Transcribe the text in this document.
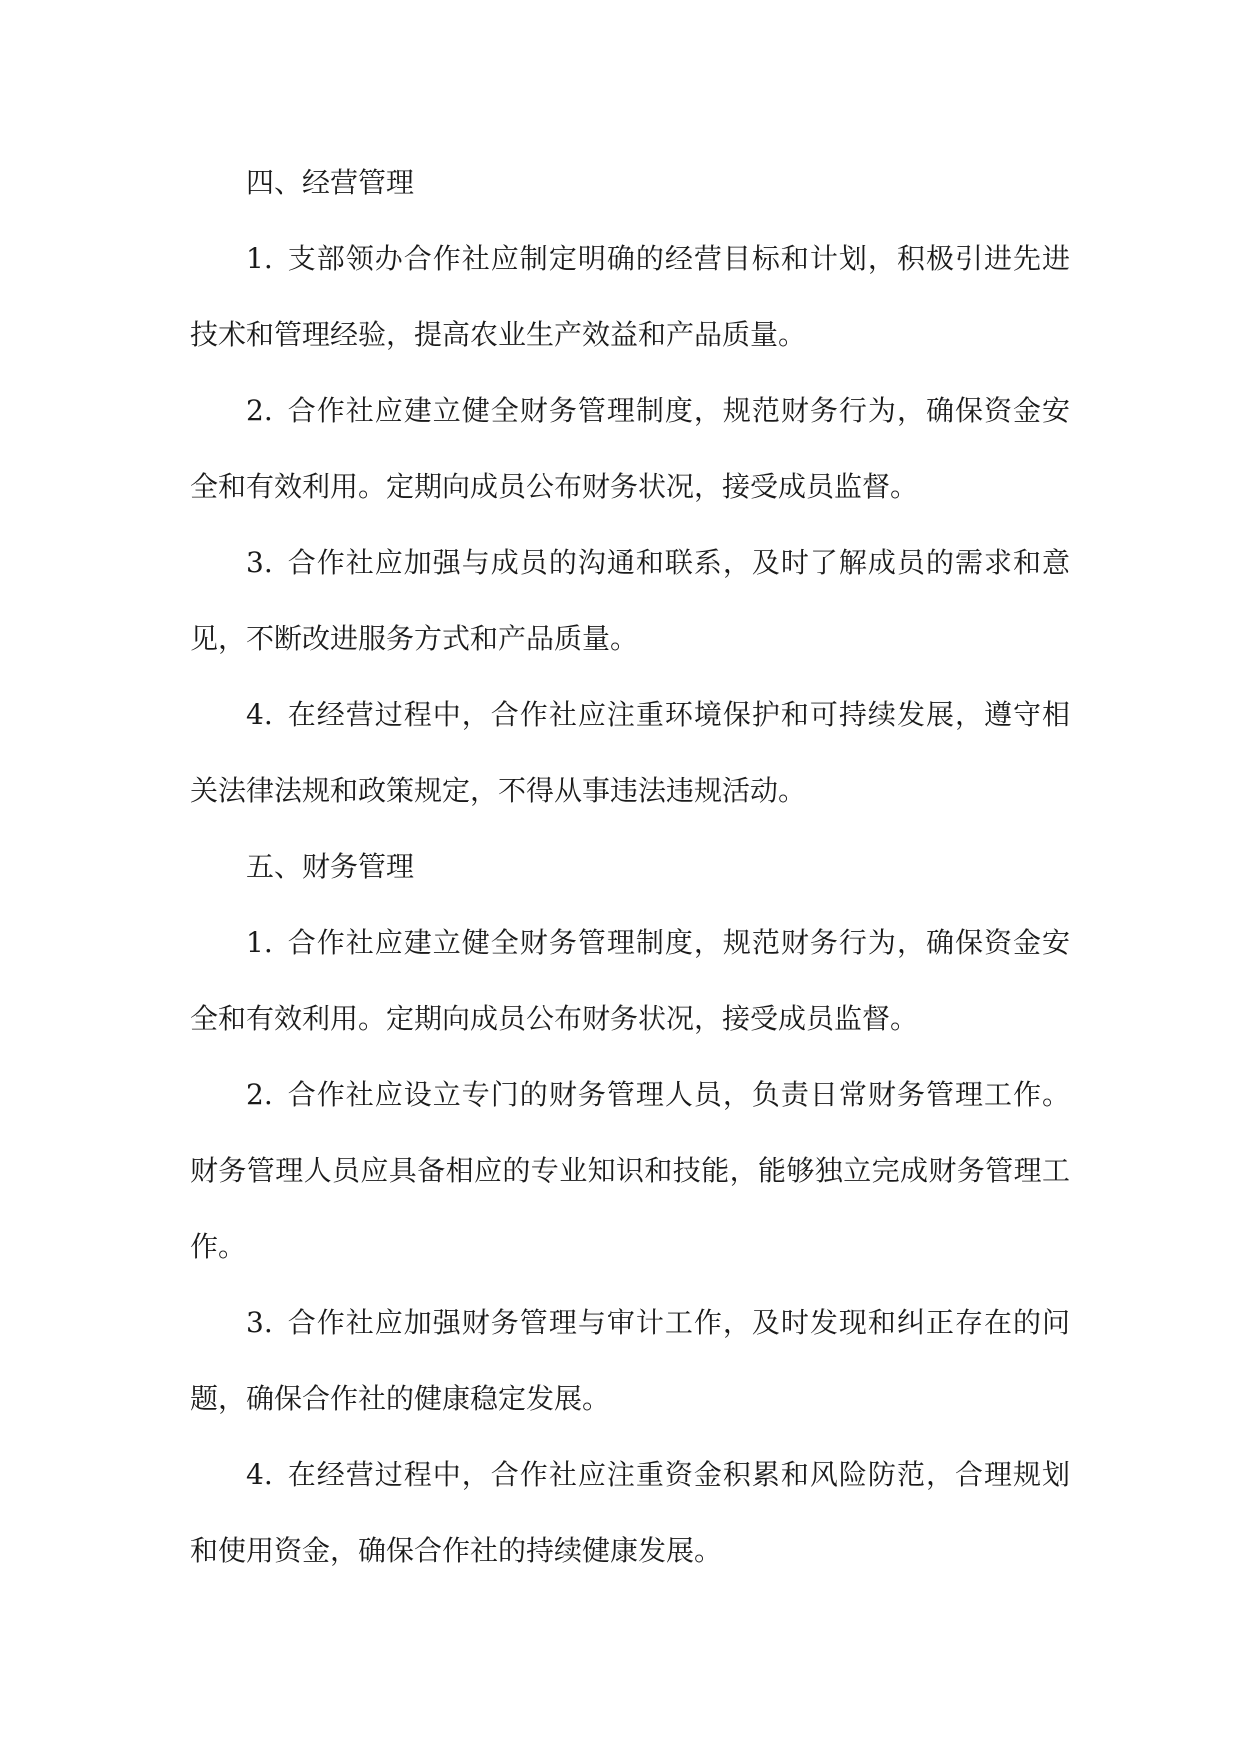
四、经营管理

1. 支部领办合作社应制定明确的经营目标和计划，积极引进先进技术和管理经验，提高农业生产效益和产品质量。

2. 合作社应建立健全财务管理制度，规范财务行为，确保资金安全和有效利用。定期向成员公布财务状况，接受成员监督。

3. 合作社应加强与成员的沟通和联系，及时了解成员的需求和意见，不断改进服务方式和产品质量。

4. 在经营过程中，合作社应注重环境保护和可持续发展，遵守相关法律法规和政策规定，不得从事违法违规活动。

五、财务管理

1. 合作社应建立健全财务管理制度，规范财务行为，确保资金安全和有效利用。定期向成员公布财务状况，接受成员监督。

2. 合作社应设立专门的财务管理人员，负责日常财务管理工作。财务管理人员应具备相应的专业知识和技能，能够独立完成财务管理工作。

3. 合作社应加强财务管理与审计工作，及时发现和纠正存在的问题，确保合作社的健康稳定发展。

4. 在经营过程中，合作社应注重资金积累和风险防范，合理规划和使用资金，确保合作社的持续健康发展。
